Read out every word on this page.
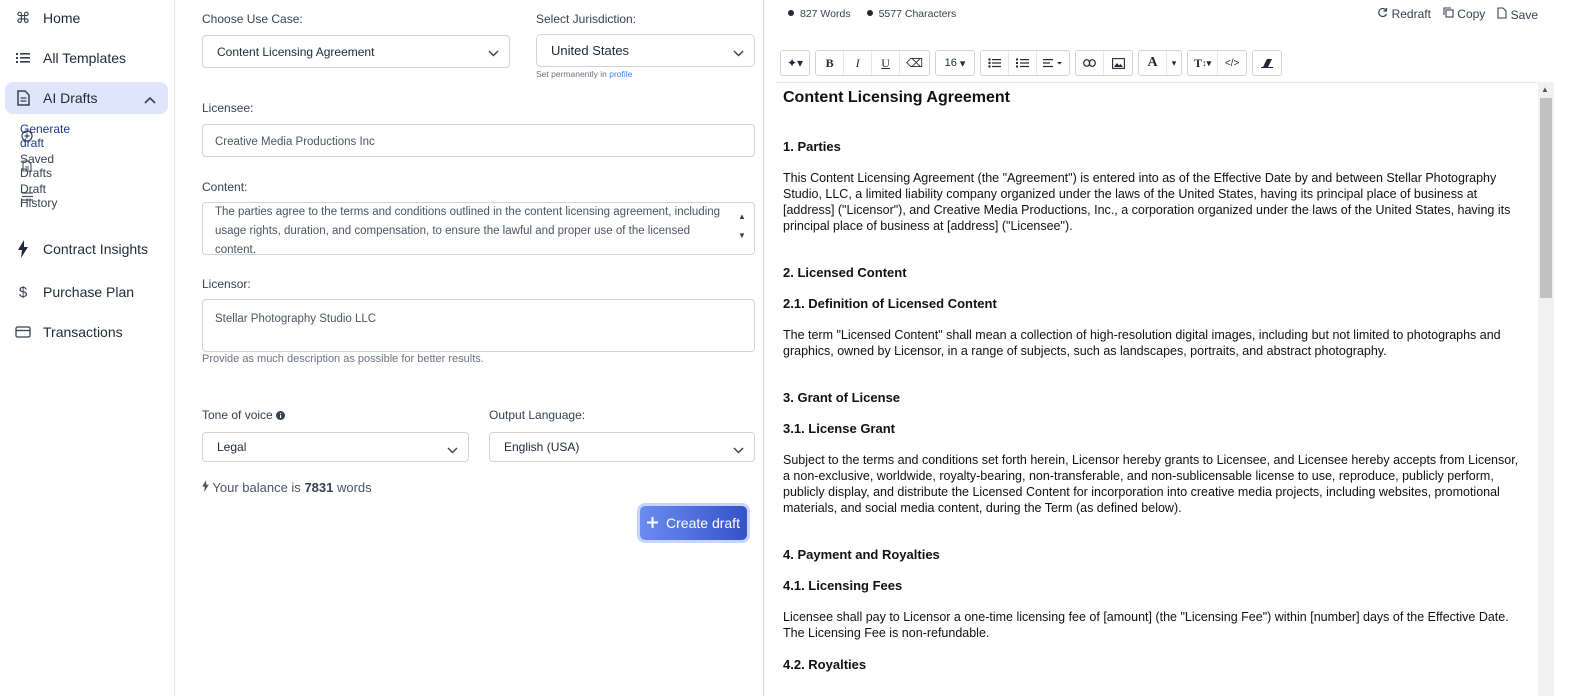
⌘ Home
All Templates
AI Drafts
Generate draft
Saved Drafts
Draft History
Contract Insights
$	Purchase Plan
Transactions
Choose Use Case:
Content Licensing Agreement
Select Jurisdiction:
United States
Set permanently in profile
Licensee:
Creative Media Productions Inc
Content:
The parties agree to the terms and conditions outlined in the content licensing agreement, including usage rights, duration, and compensation, to ensure the lawful and proper use of the licensed content.
▲
▼
Licensor:
Stellar Photography Studio LLC
Provide as much description as possible for better results.
Tone of voice
Legal
Output Language:
English (USA)
Your balance is 7831 words
Create draft
827 Words	5577 Characters	Redraft	Copy	Save
✦▾	B	I	U	⌫	16 ▾	A	▾	T ↕▾	</>
Content Licensing Agreement
1. Parties
This Content Licensing Agreement (the "Agreement") is entered into as of the Effective Date by and between Stellar Photography Studio, LLC, a limited liability company organized under the laws of the United States, having its principal place of business at [address] ("Licensor"), and Creative Media Productions, Inc., a corporation organized under the laws of the United States, having its principal place of business at [address] ("Licensee").
2. Licensed Content
2.1. Definition of Licensed Content
The term "Licensed Content" shall mean a collection of high-resolution digital images, including but not limited to photographs and graphics, owned by Licensor, in a range of subjects, such as landscapes, portraits, and abstract photography.
3. Grant of License
3.1. License Grant
Subject to the terms and conditions set forth herein, Licensor hereby grants to Licensee, and Licensee hereby accepts from Licensor, a non-exclusive, worldwide, royalty-bearing, non-transferable, and non-sublicensable license to use, reproduce, publicly perform, publicly display, and distribute the Licensed Content for incorporation into creative media projects, including websites, promotional materials, and social media content, during the Term (as defined below).
4. Payment and Royalties
4.1. Licensing Fees
Licensee shall pay to Licensor a one-time licensing fee of [amount] (the "Licensing Fee") within [number] days of the Effective Date. The Licensing Fee is non-refundable.
4.2. Royalties
▲
